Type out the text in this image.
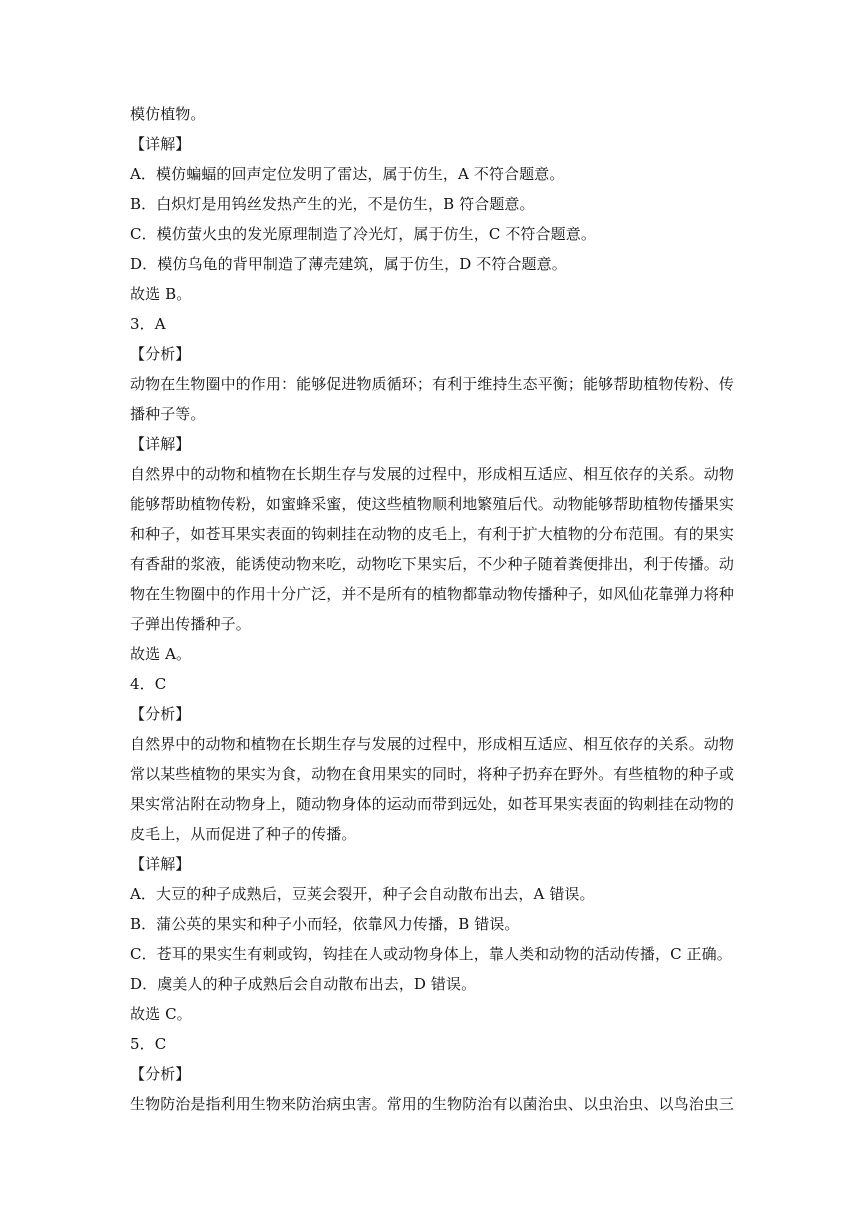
模仿植物。
【详解】
A．模仿蝙蝠的回声定位发明了雷达，属于仿生，A 不符合题意。
B．白炽灯是用钨丝发热产生的光，不是仿生，B 符合题意。
C．模仿萤火虫的发光原理制造了冷光灯，属于仿生，C 不符合题意。
D．模仿乌龟的背甲制造了薄壳建筑，属于仿生，D 不符合题意。
故选 B。
3．A
【分析】
动物在生物圈中的作用：能够促进物质循环；有利于维持生态平衡；能够帮助植物传粉、传
播种子等。
【详解】
自然界中的动物和植物在长期生存与发展的过程中，形成相互适应、相互依存的关系。动物
能够帮助植物传粉，如蜜蜂采蜜，使这些植物顺利地繁殖后代。动物能够帮助植物传播果实
和种子，如苍耳果实表面的钩刺挂在动物的皮毛上，有利于扩大植物的分布范围。有的果实
有香甜的浆液，能诱使动物来吃，动物吃下果实后，不少种子随着粪便排出，利于传播。动
物在生物圈中的作用十分广泛，并不是所有的植物都靠动物传播种子，如风仙花靠弹力将种
子弹出传播种子。
故选 A。
4．C
【分析】
自然界中的动物和植物在长期生存与发展的过程中，形成相互适应、相互依存的关系。动物
常以某些植物的果实为食，动物在食用果实的同时，将种子扔弃在野外。有些植物的种子或
果实常沾附在动物身上，随动物身体的运动而带到远处，如苍耳果实表面的钩刺挂在动物的
皮毛上，从而促进了种子的传播。
【详解】
A．大豆的种子成熟后，豆荚会裂开，种子会自动散布出去，A 错误。
B．蒲公英的果实和种子小而轻，依靠风力传播，B 错误。
C．苍耳的果实生有刺或钩，钩挂在人或动物身体上，靠人类和动物的活动传播，C 正确。
D．虞美人的种子成熟后会自动散布出去，D 错误。
故选 C。
5．C
【分析】
生物防治是指利用生物来防治病虫害。常用的生物防治有以菌治虫、以虫治虫、以鸟治虫三
